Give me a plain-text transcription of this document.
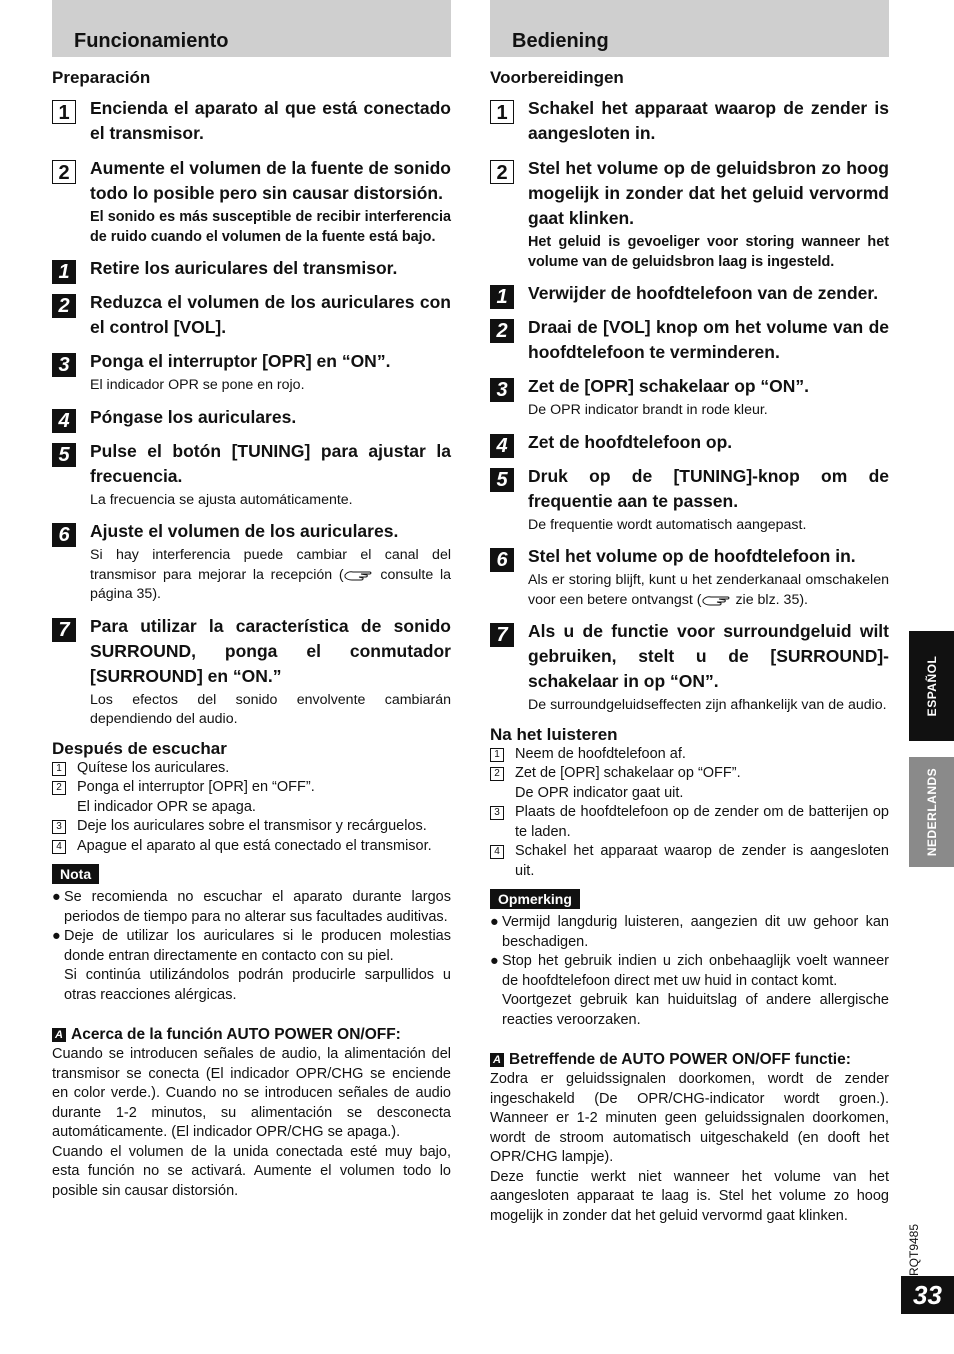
Funcionamiento
Preparación
1	Encienda el aparato al que está conectado el transmisor.
2	Aumente el volumen de la fuente de sonido todo lo posible pero sin causar distorsión.
El sonido es más susceptible de recibir interferencia de ruido cuando el volumen de la fuente está bajo.
1	Retire los auriculares del transmisor.
2	Reduzca el volumen de los auriculares con el control [VOL].
3	Ponga el interruptor [OPR] en “ON”.
El indicador OPR se pone en rojo.
4	Póngase los auriculares.
5	Pulse el botón [TUNING] para ajustar la frecuencia.
La frecuencia se ajusta automáticamente.
6	Ajuste el volumen de los auriculares.
Si hay interferencia puede cambiar el canal del transmisor para mejorar la recepción ( consulte la página 35).
7	Para utilizar la característica de sonido SURROUND, ponga el conmutador [SURROUND] en “ON.”
Los efectos del sonido envolvente cambiarán dependiendo del audio.
Después de escuchar
1 Quítese los auriculares.
2 Ponga el interruptor [OPR] en “OFF”.
El indicador OPR se apaga.
3 Deje los auriculares sobre el transmisor y recárguelos.
4 Apague el aparato al que está conectado el transmisor.
Nota
● Se recomienda no escuchar el aparato durante largos periodos de tiempo para no alterar sus facultades auditivas.
● Deje de utilizar los auriculares si le producen molestias donde entran directamente en contacto con su piel.
Si continúa utilizándolos podrán producirle sarpullidos u otras reacciones alérgicas.
A Acerca de la función AUTO POWER ON/OFF:
Cuando se introducen señales de audio, la alimentación del transmisor se conecta (El indicador OPR/CHG se enciende en color verde.). Cuando no se introducen señales de audio durante 1-2 minutos, su alimentación se desconecta automáticamente. (El indicador OPR/CHG se apaga.).
Cuando el volumen de la unida conectada esté muy bajo, esta función no se activará. Aumente el volumen todo lo posible sin causar distorsión.
Bediening
Voorbereidingen
1	Schakel het apparaat waarop de zender is aangesloten in.
2	Stel het volume op de geluidsbron zo hoog mogelijk in zonder dat het geluid vervormd gaat klinken.
Het geluid is gevoeliger voor storing wanneer het volume van de geluidsbron laag is ingesteld.
1	Verwijder de hoofdtelefoon van de zender.
2	Draai de [VOL] knop om het volume van de hoofdtelefoon te verminderen.
3	Zet de [OPR] schakelaar op “ON”.
De OPR indicator brandt in rode kleur.
4	Zet de hoofdtelefoon op.
5	Druk op de [TUNING]-knop om de frequentie aan te passen.
De frequentie wordt automatisch aangepast.
6	Stel het volume op de hoofdtelefoon in.
Als er storing blijft, kunt u het zenderkanaal omschakelen voor een betere ontvangst ( zie blz. 35).
7	Als u de functie voor surroundgeluid wilt gebruiken, stelt u de [SURROUND]-schakelaar in op “ON”.
De surroundgeluidseffecten zijn afhankelijk van de audio.
Na het luisteren
1 Neem de hoofdtelefoon af.
2 Zet de [OPR] schakelaar op “OFF”.
De OPR indicator gaat uit.
3 Plaats de hoofdtelefoon op de zender om de batterijen op te laden.
4 Schakel het apparaat waarop de zender is aangesloten uit.
Opmerking
● Vermijd langdurig luisteren, aangezien dit uw gehoor kan beschadigen.
● Stop het gebruik indien u zich onbehaaglijk voelt wanneer de hoofdtelefoon direct met uw huid in contact komt.
Voortgezet gebruik kan huiduitslag of andere allergische reacties veroorzaken.
A Betreffende de AUTO POWER ON/OFF functie:
Zodra er geluidssignalen doorkomen, wordt de zender ingeschakeld (De OPR/CHG-indicator wordt groen.). Wanneer er 1-2 minuten geen geluidssignalen doorkomen, wordt de stroom automatisch uitgeschakeld (en dooft het OPR/CHG lampje).
Deze functie werkt niet wanneer het volume van het aangesloten apparaat te laag is. Stel het volume zo hoog mogelijk in zonder dat het geluid vervormd gaat klinken.
ESPAÑOL
NEDERLANDS
RQT9485
33
